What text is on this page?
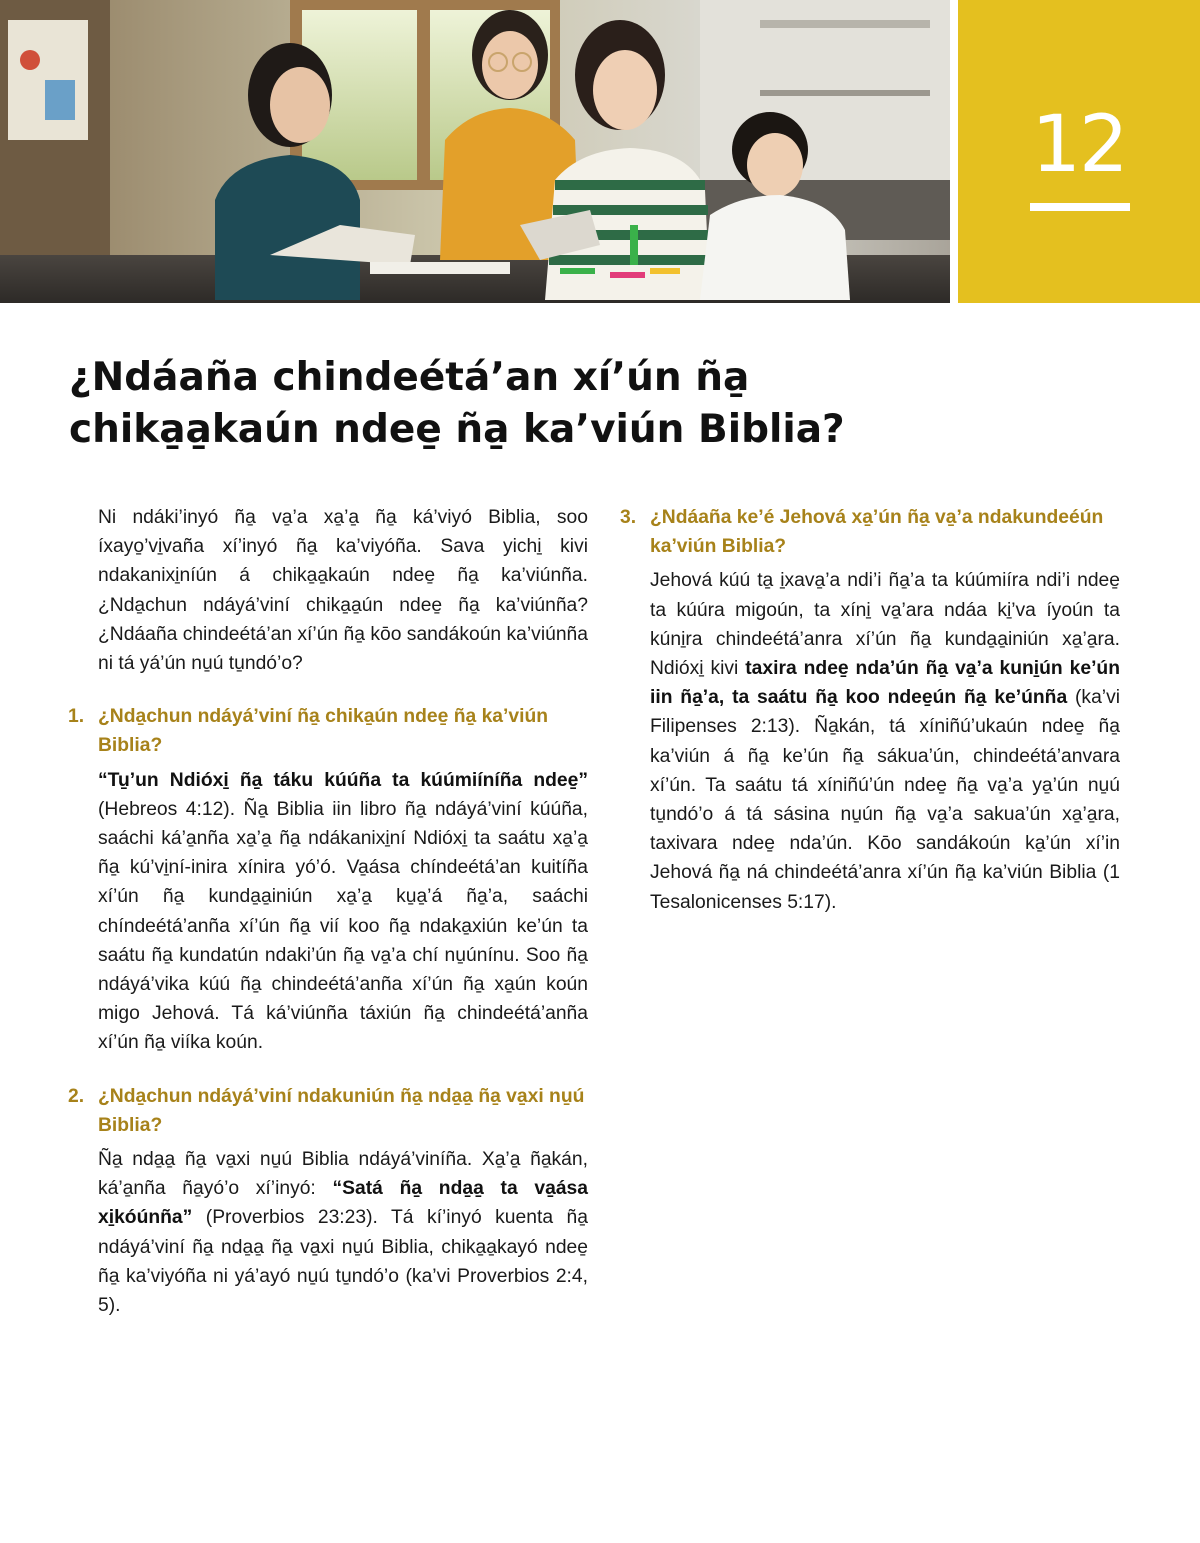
12
¿Ndáaña chindeétá’an xí’ún ña̱
chika̱a̱kaún ndee̱ ña̱ ka’viún Biblia?

Ni ndáki’inyó ña̱ va̱’a xa̱’a̱ ña̱ ká’viyó Biblia, soo íxayo̱’vi̱vaña xí’inyó ña̱ ka’viyóña. Sava yichi̱ kivi ndakanixi̱níún á chika̱a̱kaún ndee̱ ña̱ ka’viúnña. ¿Nda̱chun ndáyá’viní chika̱a̱ún ndee̱ ña̱ ka’viúnña? ¿Ndáaña chindeétá’an xí’ún ña̱ kōo sandákoún ka’viúnña ni tá yá’ún nu̱ú tu̱ndó’o?

1. ¿Nda̱chun ndáyá’viní ña̱ chika̱ún ndee̱ ña̱ ka’viún Biblia?

“Tu̱’un Ndióxi̱ ña̱ táku kúúña ta kúúmiíníña ndee̱” (Hebreos 4:12). Ña̱ Biblia iin libro ña̱ ndáyá’viní kúúña, saáchi ká’a̱nña xa̱’a̱ ña̱ ndákanixi̱ní Ndióxi̱ ta saátu xa̱’a̱ ña̱ kú’vi̱ní-inira xínira yó’ó. Va̱ása chíndeétá’an kuitíña xí’ún ña̱ kunda̱a̱iniún xa̱’a̱ ku̱a̱’á ña̱’a, saáchi chíndeétá’anña xí’ún ña̱ vií koo ña̱ ndaka̱xiún ke’ún ta saátu ña̱ kundatún ndaki’ún ña̱ va̱’a chí nu̱únínu. Soo ña̱ ndáyá’vika kúú ña̱ chindeétá’anña xí’ún ña̱ xa̱ún koún migo Jehová. Tá ká’viúnña táxiún ña̱ chindeétá’anña xí’ún ña̱ viíka koún.

2. ¿Nda̱chun ndáyá’viní ndakuniún ña̱ nda̱a̱ ña̱ va̱xi nu̱ú Biblia?

Ña̱ nda̱a̱ ña̱ va̱xi nu̱ú Biblia ndáyá’viníña. Xa̱’a̱ ña̱kán, ká’a̱nña ña̱yó’o xí’inyó: “Satá ña̱ nda̱a̱ ta va̱ása xi̱kóúnña” (Proverbios 23:23). Tá kí’inyó kuenta ña̱ ndáyá’viní ña̱ nda̱a̱ ña̱ va̱xi nu̱ú Biblia, chika̱a̱kayó ndee̱ ña̱ ka’viyóña ni yá’ayó nu̱ú tu̱ndó’o (ka’vi Proverbios 2:4, 5).

3. ¿Ndáaña ke’é Jehová xa̱’ún ña̱ va̱’a ndakundeéún ka’viún Biblia?

Jehová kúú ta̱ i̱xava̱’a ndi’i ña̱’a ta kúúmiíra ndi’i ndee̱ ta kúúra migoún, ta xíni̱ va̱’ara ndáa ki̱’va íyoún ta kúni̱ra chindeétá’anra xí’ún ña̱ kunda̱a̱iniún xa̱’a̱ra. Ndióxi̱ kivi taxira ndee̱ nda’ún ña̱ va̱’a kuni̱ún ke’ún iin ña̱’a, ta saátu ña̱ koo ndee̱ún ña̱ ke’únña (ka’vi Filipenses 2:13). Ña̱kán, tá xíniñú’ukaún ndee̱ ña̱ ka’viún á ña̱ ke’ún ña̱ sákua’ún, chindeétá’anvara xí’ún. Ta saátu tá xíniñú’ún ndee̱ ña̱ va̱’a ya̱’ún nu̱ú tu̱ndó’o á tá sásina nu̱ún ña̱ va̱’a sakua’ún xa̱’a̱ra, taxivara ndee̱ nda’ún. Kōo sandákoún ka̱’ún xí’in Jehová ña̱ ná chindeétá’anra xí’ún ña̱ ka’viún Biblia (1 Tesalonicenses 5:17).
